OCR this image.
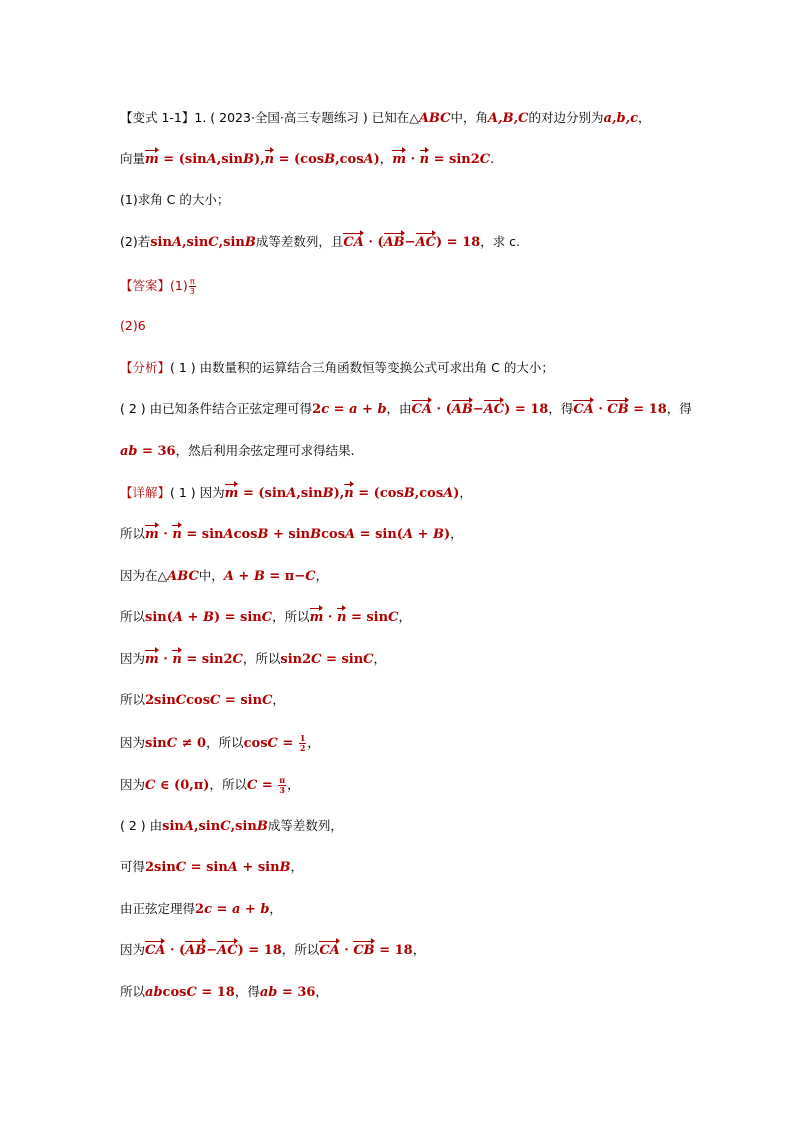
【变式 1-1】1. ( 2023·全国·高三专题练习 ) 已知在△ABC中，角A,B,C的对边分别为a,b,c，
向量m = (sinA,sinB),n = (cosB,cosA)，m · n = sin2C.
(1)求角 C 的大小；
(2)若sinA,sinC,sinB成等差数列，且CA · (AB−AC) = 18，求 c.
【答案】$(1) \frac{\pi}{3}$
(2)6
【分析】( 1 ) 由数量积的运算结合三角函数恒等变换公式可求出角 C 的大小；
( 2 ) 由已知条件结合正弦定理可得2c = a + b，由CA · (AB−AC) = 18，得CA · CB = 18，得
ab = 36，然后利用余弦定理可求得结果.
【详解】( 1 ) 因为m = (sinA,sinB),n = (cosB,cosA)，
所以m · n = sinAcosB + sinBcosA = sin(A + B)，
因为在△ABC中，A + B = π−C，
所以sin(A + B) = sinC，所以m · n = sinC，
因为m · n = sin2C，所以sin2C = sinC，
所以2sinCcosC = sinC，
因为sinC ≠ 0，所以$\cos C = \frac{1}{2}$ ，
因为C ∈ (0,π)，所以$C = \frac{\pi}{3}$ ，
( 2 ) 由sinA,sinC,sinB成等差数列，
可得2sinC = sinA + sinB，
由正弦定理得2c = a + b，
因为CA · (AB−AC) = 18，所以CA · CB = 18，
所以abcosC = 18，得ab = 36，
